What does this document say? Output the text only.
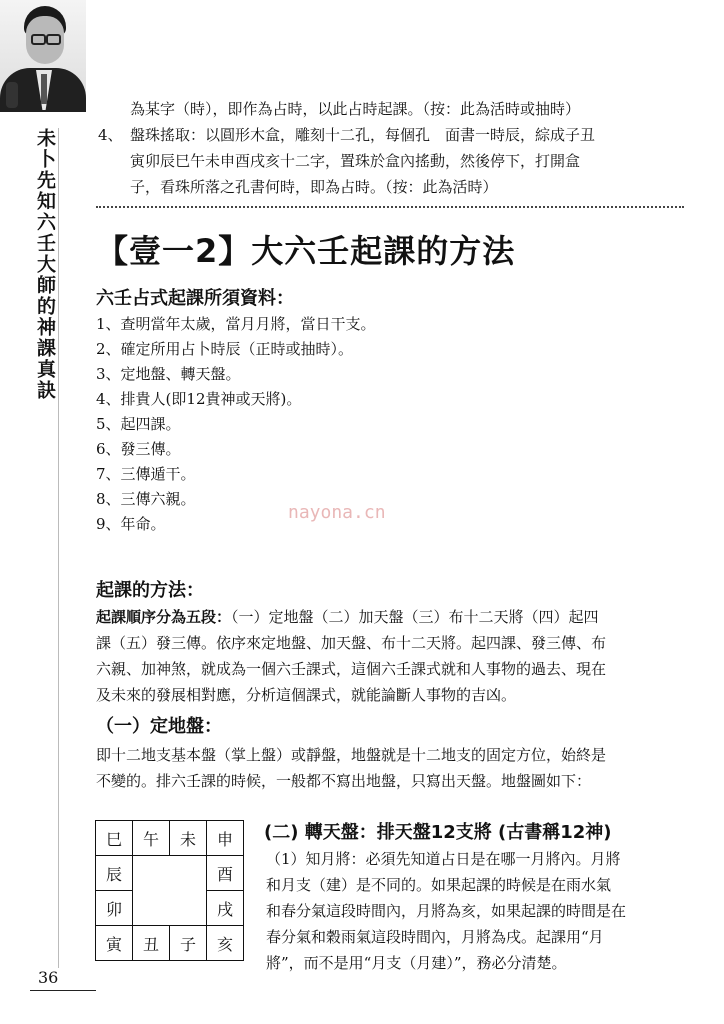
未卜先知六壬大師的神課真訣
為某字（時），即作為占時，以此占時起課。（按：此為活時或抽時）
4、 盤珠搖取：以圓形木盒，雕刻十二孔，每個孔　面書一時辰，綜成子丑
寅卯辰巳午未申酉戌亥十二字，置珠於盒內搖動，然後停下，打開盒
子，看珠所落之孔書何時，即為占時。（按：此為活時）
【壹一2】大六壬起課的方法
六壬占式起課所須資料：
1、查明當年太歲，當月月將，當日干支。
2、確定所用占卜時辰（正時或抽時）。
3、定地盤、轉天盤。
4、排貴人(即12貴神或天將)。
5、起四課。
6、發三傳。
7、三傳遁干。
8、三傳六親。
9、年命。
nayona.cn
起課的方法：
起課順序分為五段：（一）定地盤（二）加天盤（三）布十二天將（四）起四
課（五）發三傳。依序來定地盤、加天盤、布十二天將。起四課、發三傳、布
六親、加神煞，就成為一個六壬課式，這個六壬課式就和人事物的過去、現在
及未來的發展相對應，分析這個課式，就能論斷人事物的吉凶。
（一）定地盤：
即十二地支基本盤（掌上盤）或靜盤，地盤就是十二地支的固定方位，始終是
不變的。排六壬課的時候，一般都不寫出地盤，只寫出天盤。地盤圖如下：
巳	午	未	申
辰			酉
卯			戌
寅	丑	子	亥
(二) 轉天盤：排天盤12支將 (古書稱12神)
（1）知月將：必須先知道占日是在哪一月將內。月將
和月支（建）是不同的。如果起課的時候是在雨水氣
和春分氣這段時間內，月將為亥，如果起課的時間是在
春分氣和穀雨氣這段時間內，月將為戌。起課用“月
將”，而不是用“月支（月建）”，務必分清楚。
36
